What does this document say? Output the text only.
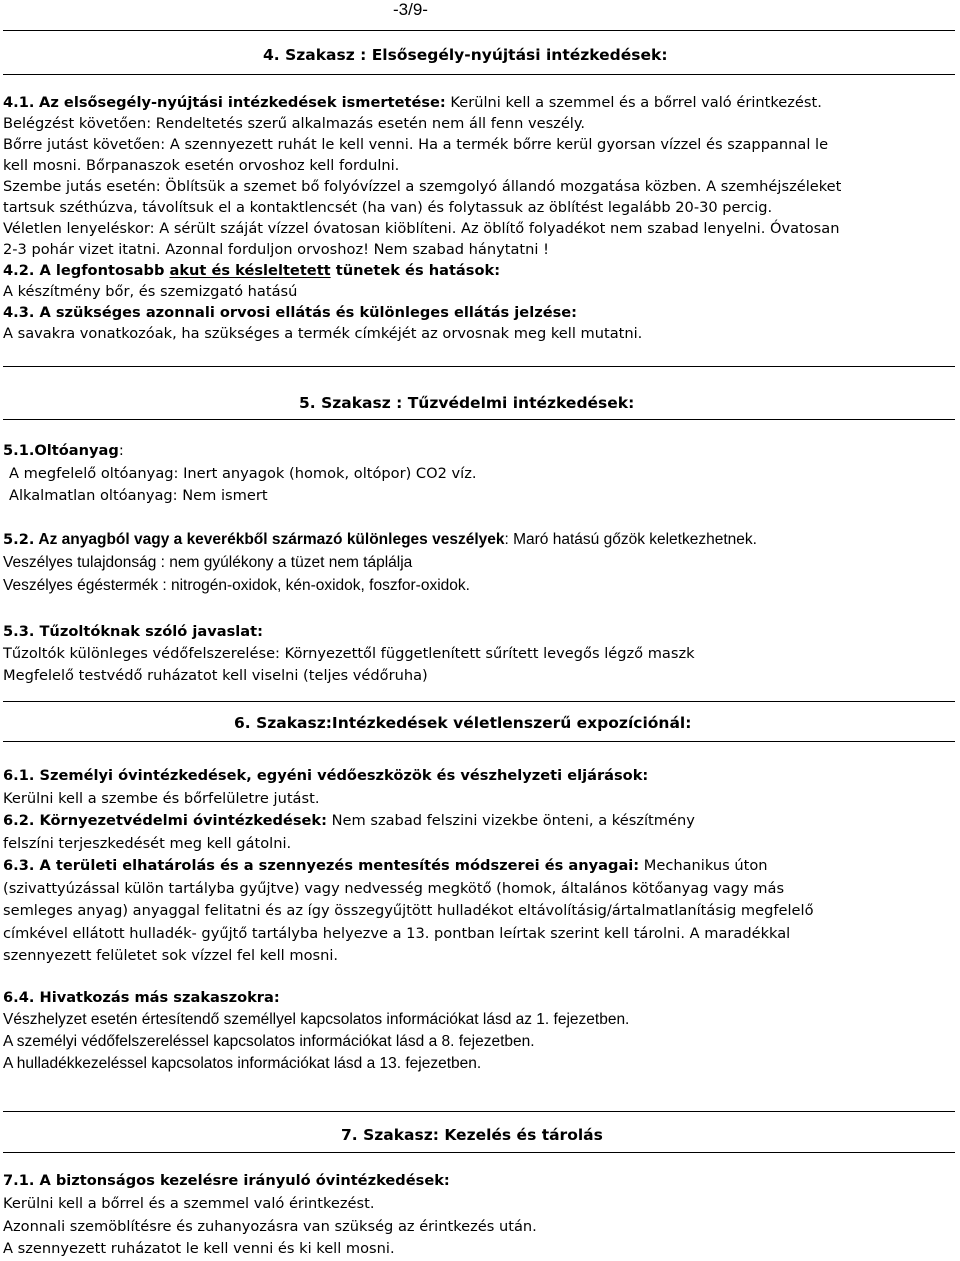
-3/9-
4. Szakasz : Elsősegély-nyújtási intézkedések:
4.1. Az elsősegély-nyújtási intézkedések ismertetése: Kerülni kell a szemmel és a bőrrel való érintkezést.
Belégzést követően: Rendeltetés szerű alkalmazás esetén nem áll fenn veszély.
Bőrre jutást követően: A szennyezett ruhát le kell venni. Ha a termék bőrre kerül gyorsan vízzel és szappannal le
kell mosni. Bőrpanaszok esetén orvoshoz kell fordulni.
Szembe jutás esetén: Öblítsük a szemet bő folyóvízzel a szemgolyó állandó mozgatása közben. A szemhéjszéleket
tartsuk széthúzva, távolítsuk el a kontaktlencsét (ha van) és folytassuk az öblítést legalább 20-30 percig.
Véletlen lenyeléskor: A sérült száját vízzel óvatosan kiöblíteni. Az öblítő folyadékot nem szabad lenyelni. Óvatosan
2-3 pohár vizet itatni. Azonnal forduljon orvoshoz! Nem szabad hánytatni !
4.2. A legfontosabb akut és késleltetett tünetek és hatások:
A készítmény bőr, és szemizgató hatású
4.3. A szükséges azonnali orvosi ellátás és különleges ellátás jelzése:
A savakra vonatkozóak, ha szükséges a termék címkéjét az orvosnak meg kell mutatni.
5. Szakasz : Tűzvédelmi intézkedések:
5.1.Oltóanyag:
A megfelelő oltóanyag: Inert anyagok (homok, oltópor) CO2 víz.
Alkalmatlan oltóanyag: Nem ismert
5.2. Az anyagból vagy a keverékből származó különleges veszélyek: Maró hatású gőzök keletkezhetnek.
Veszélyes tulajdonság : nem gyúlékony a tüzet nem táplálja
Veszélyes égéstermék : nitrogén-oxidok, kén-oxidok, foszfor-oxidok.
5.3. Tűzoltóknak szóló javaslat:
Tűzoltók különleges védőfelszerelése: Környezettől függetlenített sűrített levegős légző maszk
Megfelelő testvédő ruházatot kell viselni (teljes védőruha)
6. Szakasz:Intézkedések véletlenszerű expozíciónál:
6.1. Személyi óvintézkedések, egyéni védőeszközök és vészhelyzeti eljárások:
Kerülni kell a szembe és bőrfelületre jutást.
6.2. Környezetvédelmi óvintézkedések: Nem szabad felszini vizekbe önteni, a készítmény
felszíni terjeszkedését meg kell gátolni.
6.3. A területi elhatárolás és a szennyezés mentesítés módszerei és anyagai: Mechanikus úton
(szivattyúzással külön tartályba gyűjtve) vagy nedvesség megkötő (homok, általános kötőanyag vagy más
semleges anyag) anyaggal felitatni és az így összegyűjtött hulladékot eltávolításig/ártalmatlanításig megfelelő
címkével ellátott hulladék- gyűjtő tartályba helyezve a 13. pontban leírtak szerint kell tárolni. A maradékkal
szennyezett felületet sok vízzel fel kell mosni.
6.4. Hivatkozás más szakaszokra:
Vészhelyzet esetén értesítendő személlyel kapcsolatos információkat lásd az 1. fejezetben.
A személyi védőfelszereléssel kapcsolatos információkat lásd a 8. fejezetben.
A hulladékkezeléssel kapcsolatos információkat lásd a 13. fejezetben.
7. Szakasz: Kezelés és tárolás
7.1. A biztonságos kezelésre irányuló óvintézkedések:
Kerülni kell a bőrrel és a szemmel való érintkezést.
Azonnali szemöblítésre és zuhanyozásra van szükség az érintkezés után.
A szennyezett ruházatot le kell venni és ki kell mosni.
